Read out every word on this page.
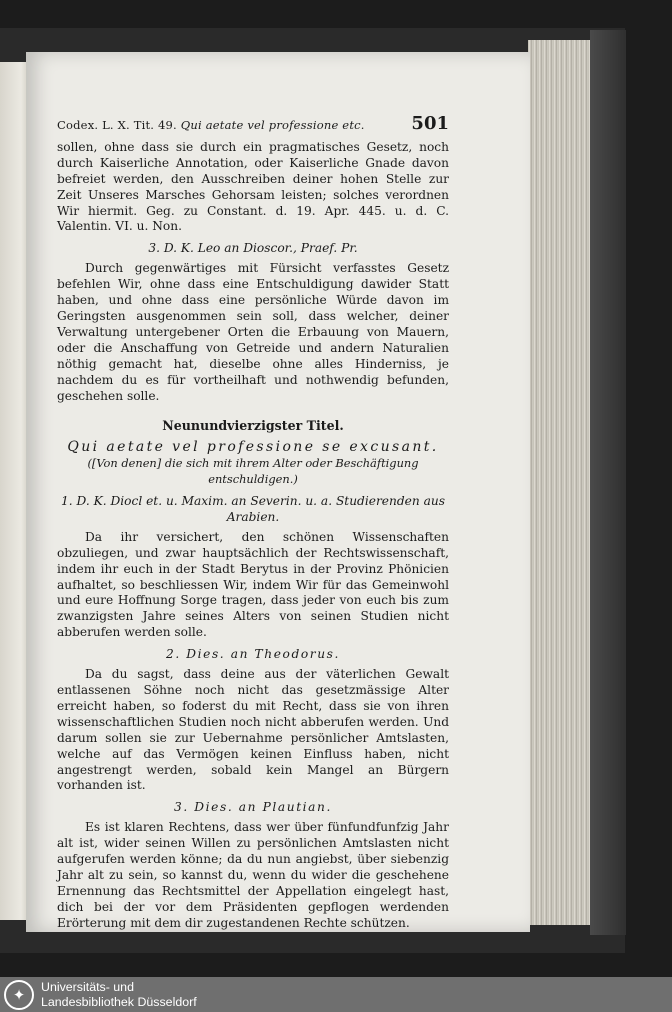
Codex. L. X. Tit. 49. Qui aetate vel professione etc.	501

sollen, ohne dass sie durch ein pragmatisches Gesetz, noch durch Kaiserliche Annotation, oder Kaiserliche Gnade davon befreiet werden, den Ausschreiben deiner hohen Stelle zur Zeit Unseres Marsches Gehorsam leisten; solches verordnen Wir hiermit. Geg. zu Constant. d. 19. Apr. 445. u. d. C. Valentin. VI. u. Non.

3. D. K. Leo an Dioscor., Praef. Pr.

Durch gegenwärtiges mit Fürsicht verfasstes Gesetz befehlen Wir, ohne dass eine Entschuldigung dawider Statt haben, und ohne dass eine persönliche Würde davon im Geringsten ausgenommen sein soll, dass welcher, deiner Verwaltung untergebener Orten die Erbauung von Mauern, oder die Anschaffung von Getreide und andern Naturalien nöthig gemacht hat, dieselbe ohne alles Hinderniss, je nachdem du es für vortheilhaft und nothwendig befunden, geschehen solle.

Neunundvierzigster Titel.
Qui aetate vel professione se excusant.
([Von denen] die sich mit ihrem Alter oder Beschäftigung entschuldigen.)
1. D. K. Diocl et. u. Maxim. an Severin. u. a. Studierenden aus Arabien.

Da ihr versichert, den schönen Wissenschaften obzuliegen, und zwar hauptsächlich der Rechtswissenschaft, indem ihr euch in der Stadt Berytus in der Provinz Phönicien aufhaltet, so beschliessen Wir, indem Wir für das Gemeinwohl und eure Hoffnung Sorge tragen, dass jeder von euch bis zum zwanzigsten Jahre seines Alters von seinen Studien nicht abberufen werden solle.

2. Dies. an Theodorus.

Da du sagst, dass deine aus der väterlichen Gewalt entlassenen Söhne noch nicht das gesetzmässige Alter erreicht haben, so foderst du mit Recht, dass sie von ihren wissenschaftlichen Studien noch nicht abberufen werden. Und darum sollen sie zur Uebernahme persönlicher Amtslasten, welche auf das Vermögen keinen Einfluss haben, nicht angestrengt werden, sobald kein Mangel an Bürgern vorhanden ist.

3. Dies. an Plautian.

Es ist klaren Rechtens, dass wer über fünfundfunfzig Jahr alt ist, wider seinen Willen zu persönlichen Amtslasten nicht aufgerufen werden könne; da du nun angiebst, über siebenzig Jahr alt zu sein, so kannst du, wenn du wider die geschehene Ernennung das Rechtsmittel der Appellation eingelegt hast, dich bei der vor dem Präsidenten gepflogen werdenden Erörterung mit dem dir zugestandenen Rechte schützen.

✦	Universitäts- und
Landesbibliothek Düsseldorf
